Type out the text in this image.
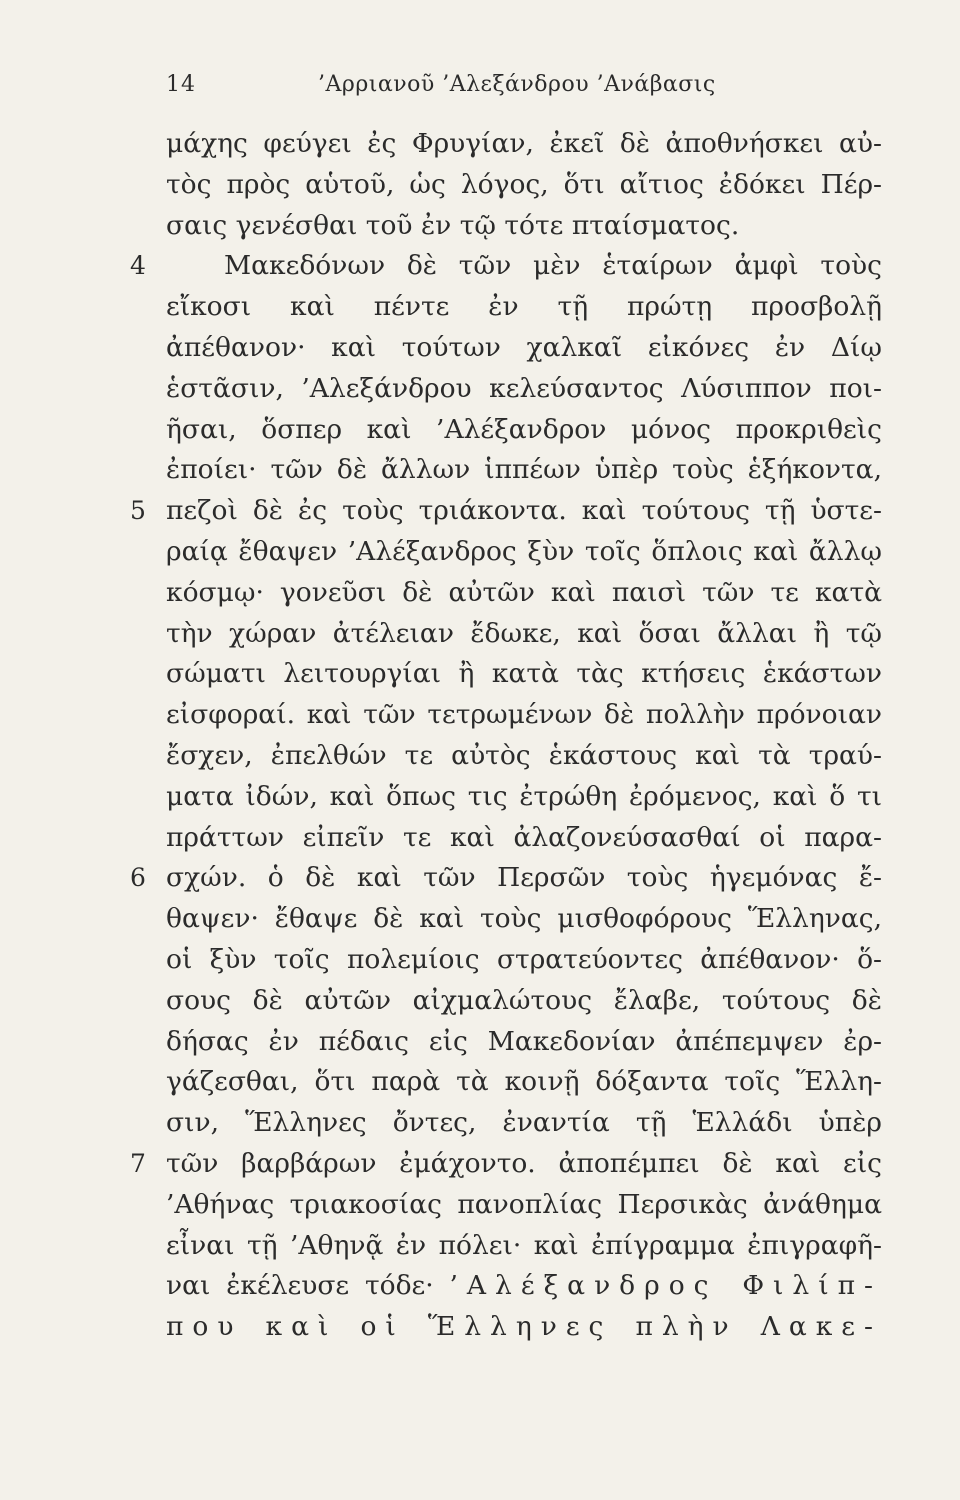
14	’Αρριανοῦ ’Αλεξάνδρου ’Ανάβασις
μάχης φεύγει ἐς Φρυγίαν, ἐκεῖ δὲ ἀποθνήσκει αὐ-
τὸς πρὸς αὑτοῦ, ὡς λόγος, ὅτι αἴτιος ἐδόκει Πέρ-
σαις γενέσθαι τοῦ ἐν τῷ τότε πταίσματος.
4	Μακεδόνων δὲ τῶν μὲν ἑταίρων ἀμφὶ τοὺς
εἴκοσι καὶ πέντε ἐν τῇ πρώτῃ προσβολῇ
ἀπέθανον· καὶ τούτων χαλκαῖ εἰκόνες ἐν Δίῳ
ἑστᾶσιν, ’Αλεξάνδρου κελεύσαντος Λύσιππον ποι-
ῆσαι, ὅσπερ καὶ ’Αλέξανδρον μόνος προκριθεὶς
ἐποίει· τῶν δὲ ἄλλων ἱππέων ὑπὲρ τοὺς ἑξήκοντα,
5 πεζοὶ δὲ ἐς τοὺς τριάκοντα. καὶ τούτους τῇ ὑστε-
ραίᾳ ἔθαψεν ’Αλέξανδρος ξὺν τοῖς ὅπλοις καὶ ἄλλῳ
κόσμῳ· γονεῦσι δὲ αὐτῶν καὶ παισὶ τῶν τε κατὰ
τὴν χώραν ἀτέλειαν ἔδωκε, καὶ ὅσαι ἄλλαι ἢ τῷ
σώματι λειτουργίαι ἢ κατὰ τὰς κτήσεις ἑκάστων
εἰσφοραί. καὶ τῶν τετρωμένων δὲ πολλὴν πρόνοιαν
ἔσχεν, ἐπελθών τε αὐτὸς ἑκάστους καὶ τὰ τραύ-
ματα ἰδών, καὶ ὅπως τις ἐτρώθη ἐρόμενος, καὶ ὅ τι
πράττων εἰπεῖν τε καὶ ἀλαζονεύσασθαί οἱ παρα-
6 σχών. ὁ δὲ καὶ τῶν Περσῶν τοὺς ἡγεμόνας ἔ-
θαψεν· ἔθαψε δὲ καὶ τοὺς μισθοφόρους Ἕλληνας,
οἱ ξὺν τοῖς πολεμίοις στρατεύοντες ἀπέθανον· ὅ-
σους δὲ αὐτῶν αἰχμαλώτους ἔλαβε, τούτους δὲ
δήσας ἐν πέδαις εἰς Μακεδονίαν ἀπέπεμψεν ἐρ-
γάζεσθαι, ὅτι παρὰ τὰ κοινῇ δόξαντα τοῖς Ἕλλη-
σιν, Ἕλληνες ὄντες, ἐναντία τῇ Ἑλλάδι ὑπὲρ
7 τῶν βαρβάρων ἐμάχοντο. ἀποπέμπει δὲ καὶ εἰς
’Αθήνας τριακοσίας πανοπλίας Περσικὰς ἀνάθημα
εἶναι τῇ ’Αθηνᾷ ἐν πόλει· καὶ ἐπίγραμμα ἐπιγραφῆ-
ναι ἐκέλευσε τόδε· ’Αλέξανδρος Φιλίπ-
που καὶ οἱ Ἕλληνες πλὴν Λακε-
